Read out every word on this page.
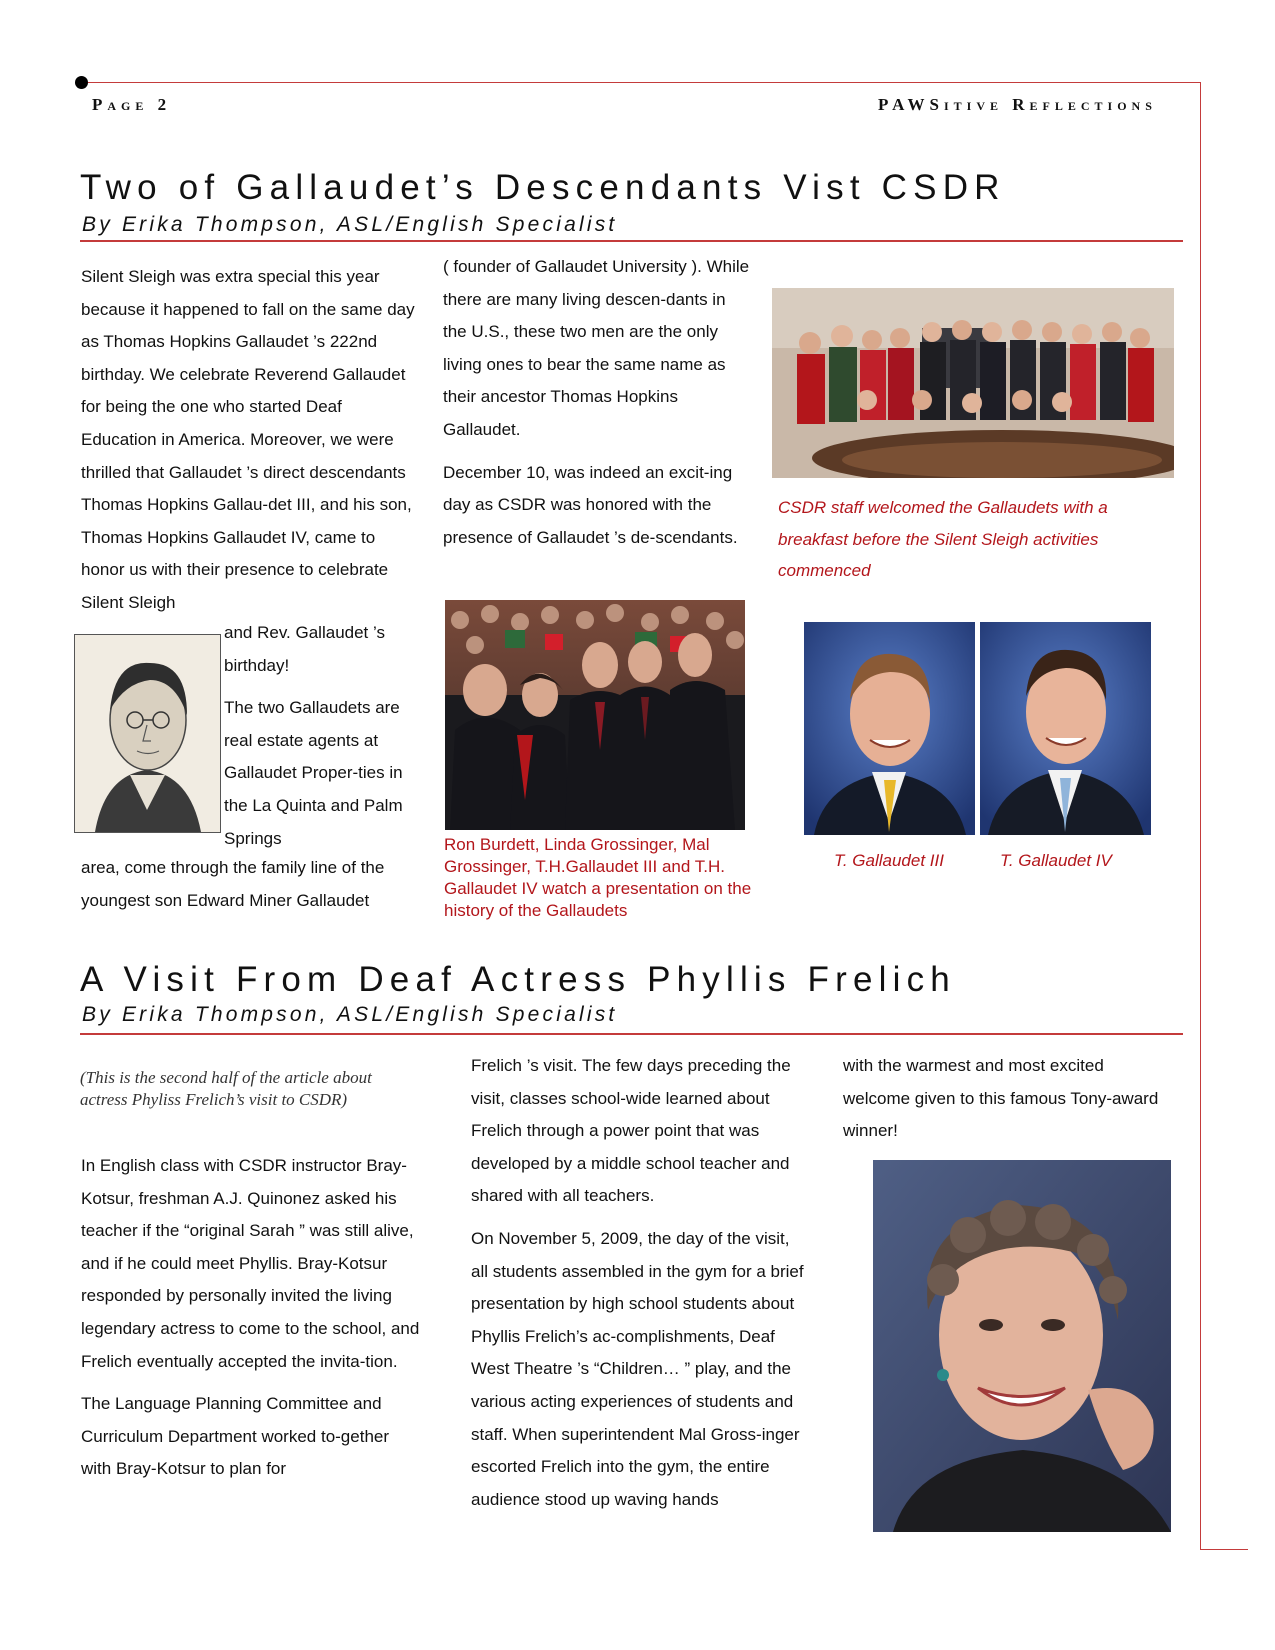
Page 2	PAWSitive Reflections
Two of Gallaudet’s Descendants Vist CSDR
By Erika Thompson, ASL/English Specialist

Silent Sleigh was extra special this year because it happened to fall on the same day as Thomas Hopkins Gallaudet ’s 222nd birthday. We celebrate Reverend Gallaudet for being the one who started Deaf Education in America. Moreover, we were thrilled that Gallaudet ’s direct descendants Thomas Hopkins Gallau-det III, and his son, Thomas Hopkins Gallaudet IV, came to honor us with their presence to celebrate Silent Sleigh

and Rev. Gallaudet ’s birthday!

The two Gallaudets are real estate agents at Gallaudet Proper-ties in the La Quinta and Palm Springs

area, come through the family line of the youngest son Edward Miner Gallaudet

( founder of Gallaudet University ). While there are many living descen-dants in the U.S., these two men are the only living ones to bear the same name as their ancestor Thomas Hopkins Gallaudet.

December 10, was indeed an excit-ing day as CSDR was honored with the presence of Gallaudet ’s de-scendants.

Ron Burdett, Linda Grossinger, Mal Grossinger, T.H.Gallaudet III and T.H. Gallaudet IV watch a presentation on the history of the Gallaudets
CSDR staff welcomed the Gallaudets with a breakfast before the Silent Sleigh activities commenced
T. Gallaudet III	T. Gallaudet IV
A Visit From Deaf Actress Phyllis Frelich
By Erika Thompson, ASL/English Specialist
(This is the second half of the article about actress Phyliss Frelich’s visit to CSDR)

In English class with CSDR instructor Bray-Kotsur, freshman A.J. Quinonez asked his teacher if the “original Sarah ” was still alive, and if he could meet Phyllis. Bray-Kotsur responded by personally invited the living legendary actress to come to the school, and Frelich eventually accepted the invita-tion.

The Language Planning Committee and Curriculum Department worked to-gether with Bray-Kotsur to plan for

Frelich ’s visit. The few days preceding the visit, classes school-wide learned about Frelich through a power point that was developed by a middle school teacher and shared with all teachers.

On November 5, 2009, the day of the visit, all students assembled in the gym for a brief presentation by high school students about Phyllis Frelich’s ac-complishments, Deaf West Theatre ’s “Children… ” play, and the various acting experiences of students and staff. When superintendent Mal Gross-inger escorted Frelich into the gym, the entire audience stood up waving hands

with the warmest and most excited welcome given to this famous Tony-award winner!
